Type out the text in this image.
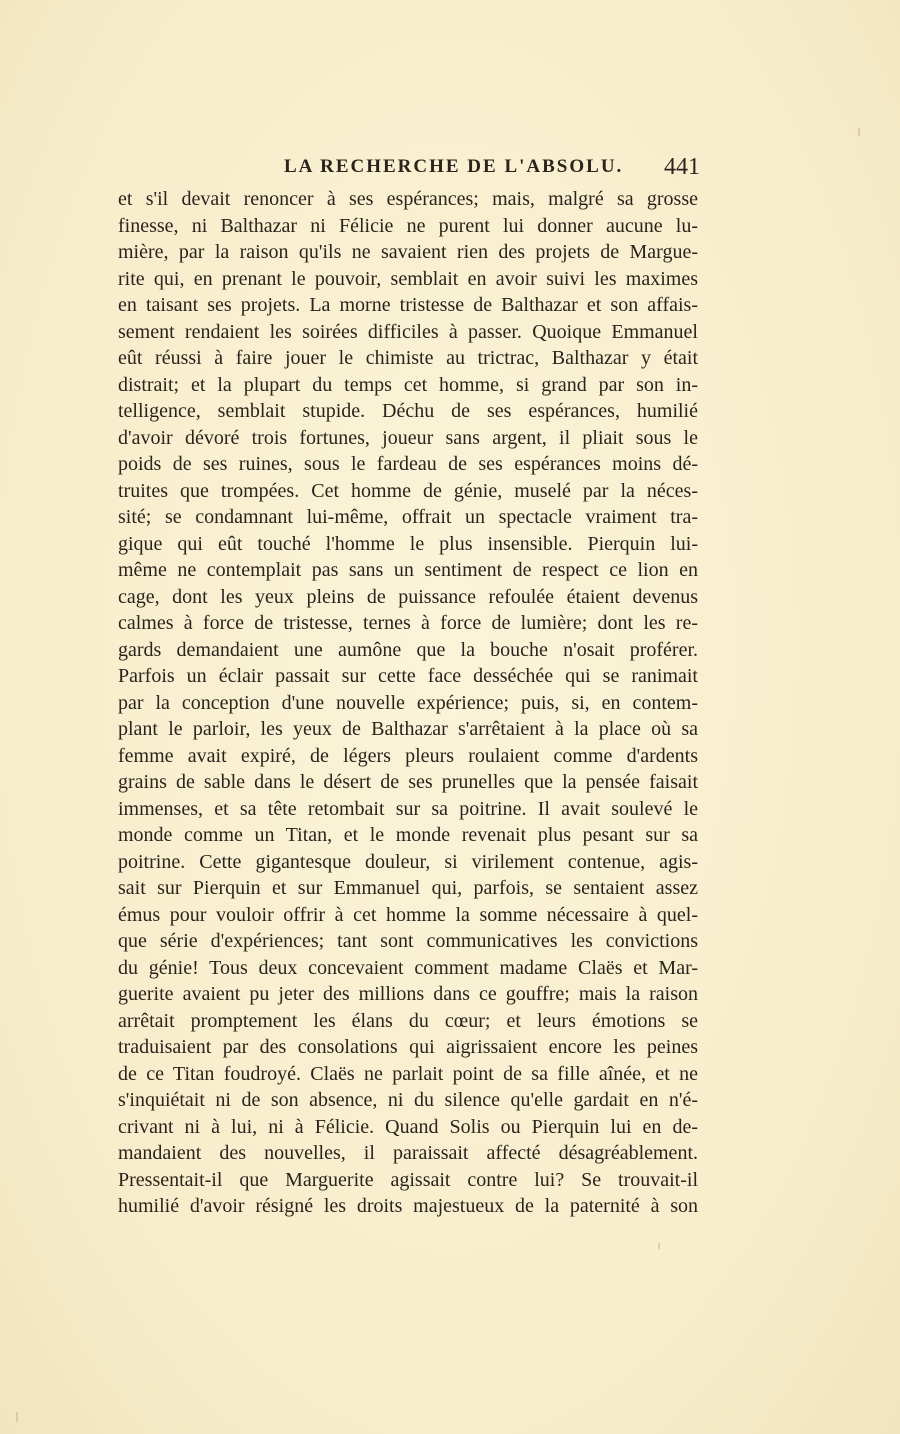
LA RECHERCHE DE L'ABSOLU. 441
et s'il devait renoncer à ses espérances; mais, malgré sa grosse
finesse, ni Balthazar ni Félicie ne purent lui donner aucune lu-
mière, par la raison qu'ils ne savaient rien des projets de Margue-
rite qui, en prenant le pouvoir, semblait en avoir suivi les maximes
en taisant ses projets. La morne tristesse de Balthazar et son affais-
sement rendaient les soirées difficiles à passer. Quoique Emmanuel
eût réussi à faire jouer le chimiste au trictrac, Balthazar y était
distrait; et la plupart du temps cet homme, si grand par son in-
telligence, semblait stupide. Déchu de ses espérances, humilié
d'avoir dévoré trois fortunes, joueur sans argent, il pliait sous le
poids de ses ruines, sous le fardeau de ses espérances moins dé-
truites que trompées. Cet homme de génie, muselé par la néces-
sité; se condamnant lui-même, offrait un spectacle vraiment tra-
gique qui eût touché l'homme le plus insensible. Pierquin lui-
même ne contemplait pas sans un sentiment de respect ce lion en
cage, dont les yeux pleins de puissance refoulée étaient devenus
calmes à force de tristesse, ternes à force de lumière; dont les re-
gards demandaient une aumône que la bouche n'osait proférer.
Parfois un éclair passait sur cette face desséchée qui se ranimait
par la conception d'une nouvelle expérience; puis, si, en contem-
plant le parloir, les yeux de Balthazar s'arrêtaient à la place où sa
femme avait expiré, de légers pleurs roulaient comme d'ardents
grains de sable dans le désert de ses prunelles que la pensée faisait
immenses, et sa tête retombait sur sa poitrine. Il avait soulevé le
monde comme un Titan, et le monde revenait plus pesant sur sa
poitrine. Cette gigantesque douleur, si virilement contenue, agis-
sait sur Pierquin et sur Emmanuel qui, parfois, se sentaient assez
émus pour vouloir offrir à cet homme la somme nécessaire à quel-
que série d'expériences; tant sont communicatives les convictions
du génie! Tous deux concevaient comment madame Claës et Mar-
guerite avaient pu jeter des millions dans ce gouffre; mais la raison
arrêtait promptement les élans du cœur; et leurs émotions se
traduisaient par des consolations qui aigrissaient encore les peines
de ce Titan foudroyé. Claës ne parlait point de sa fille aînée, et ne
s'inquiétait ni de son absence, ni du silence qu'elle gardait en n'é-
crivant ni à lui, ni à Félicie. Quand Solis ou Pierquin lui en de-
mandaient des nouvelles, il paraissait affecté désagréablement.
Pressentait-il que Marguerite agissait contre lui? Se trouvait-il
humilié d'avoir résigné les droits majestueux de la paternité à son
